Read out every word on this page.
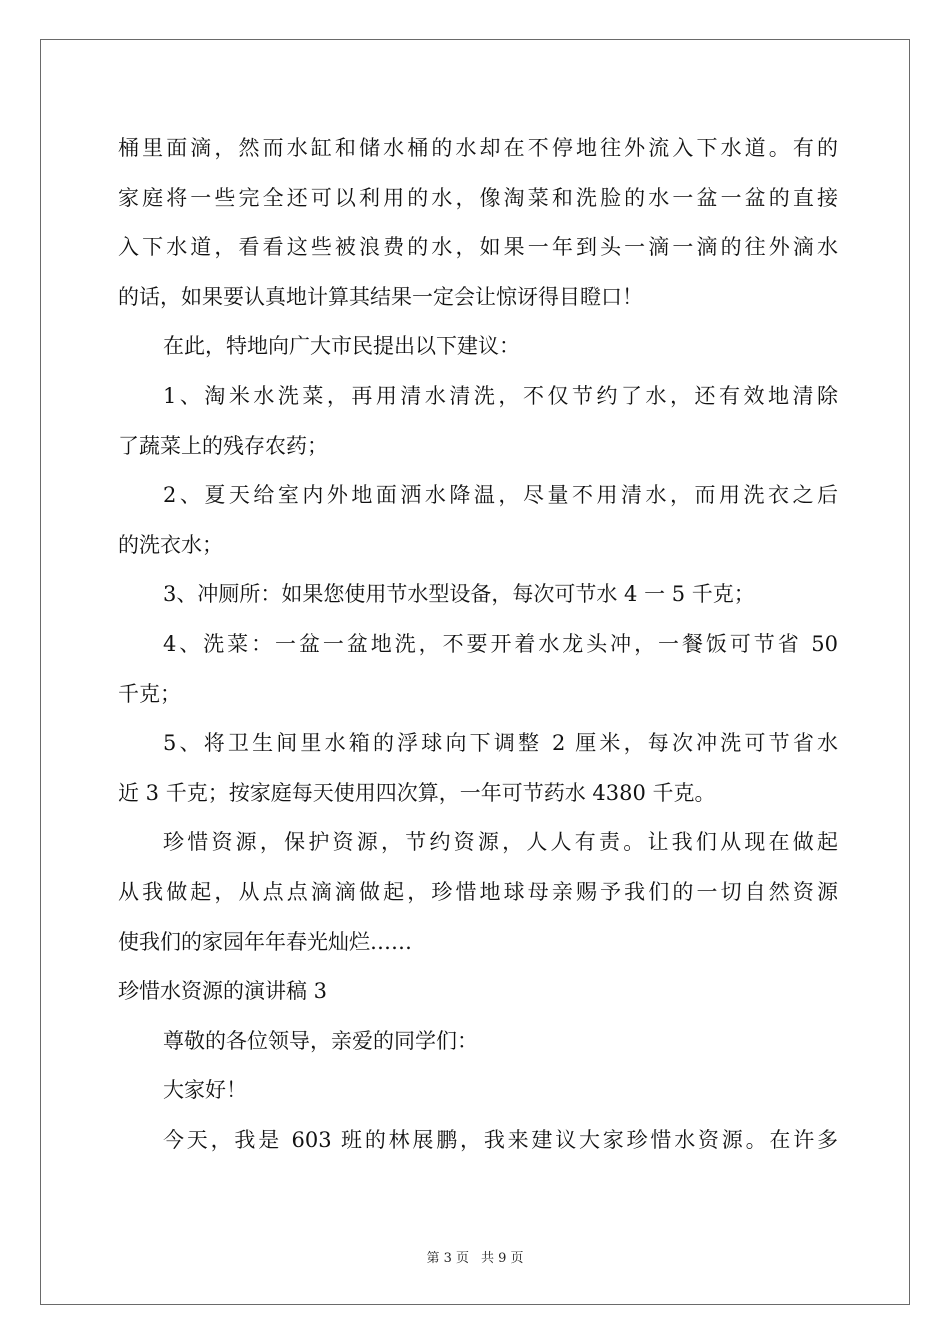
桶里面滴，然而水缸和储水桶的水却在不停地往外流入下水道。有的
家庭将一些完全还可以利用的水，像淘菜和洗脸的水一盆一盆的直接
入下水道，看看这些被浪费的水，如果一年到头一滴一滴的往外滴水
的话，如果要认真地计算其结果一定会让惊讶得目瞪口！
在此，特地向广大市民提出以下建议：
1、淘米水洗菜，再用清水清洗，不仅节约了水，还有效地清除
了蔬菜上的残存农药；
2、夏天给室内外地面洒水降温，尽量不用清水，而用洗衣之后
的洗衣水；
3、冲厕所：如果您使用节水型设备，每次可节水 4 一 5 千克；
4、洗菜：一盆一盆地洗，不要开着水龙头冲，一餐饭可节省 50
千克；
5、将卫生间里水箱的浮球向下调整 2 厘米，每次冲洗可节省水
近 3 千克；按家庭每天使用四次算，一年可节药水 4380 千克。
珍惜资源，保护资源，节约资源，人人有责。让我们从现在做起
从我做起，从点点滴滴做起，珍惜地球母亲赐予我们的一切自然资源
使我们的家园年年春光灿烂……
珍惜水资源的演讲稿 3
尊敬的各位领导，亲爱的同学们：
大家好！
今天，我是 603 班的林展鹏，我来建议大家珍惜水资源。在许多
第 3 页 共 9 页
